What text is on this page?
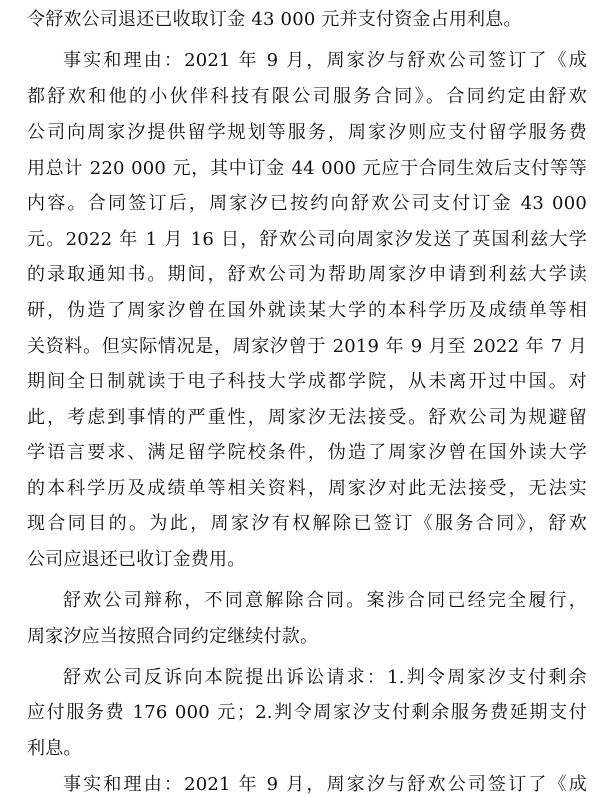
令舒欢公司退还已收取订金 43 000 元并支付资金占用利息。
事实和理由：2021 年 9 月，周家汐与舒欢公司签订了《成
都舒欢和他的小伙伴科技有限公司服务合同》。合同约定由舒欢
公司向周家汐提供留学规划等服务，周家汐则应支付留学服务费
用总计 220 000 元，其中订金 44 000 元应于合同生效后支付等等
内容。合同签订后，周家汐已按约向舒欢公司支付订金 43 000
元。2022 年 1 月 16 日，舒欢公司向周家汐发送了英国利兹大学
的录取通知书。期间，舒欢公司为帮助周家汐申请到利兹大学读
研，伪造了周家汐曾在国外就读某大学的本科学历及成绩单等相
关资料。但实际情况是，周家汐曾于 2019 年 9 月至 2022 年 7 月
期间全日制就读于电子科技大学成都学院，从未离开过中国。对
此，考虑到事情的严重性，周家汐无法接受。舒欢公司为规避留
学语言要求、满足留学院校条件，伪造了周家汐曾在国外读大学
的本科学历及成绩单等相关资料，周家汐对此无法接受，无法实
现合同目的。为此，周家汐有权解除已签订《服务合同》，舒欢
公司应退还已收订金费用。
舒欢公司辩称，不同意解除合同。案涉合同已经完全履行，
周家汐应当按照合同约定继续付款。
舒欢公司反诉向本院提出诉讼请求：1.判令周家汐支付剩余
应付服务费 176 000 元；2.判令周家汐支付剩余服务费延期支付
利息。
事实和理由：2021 年 9 月，周家汐与舒欢公司签订了《成
